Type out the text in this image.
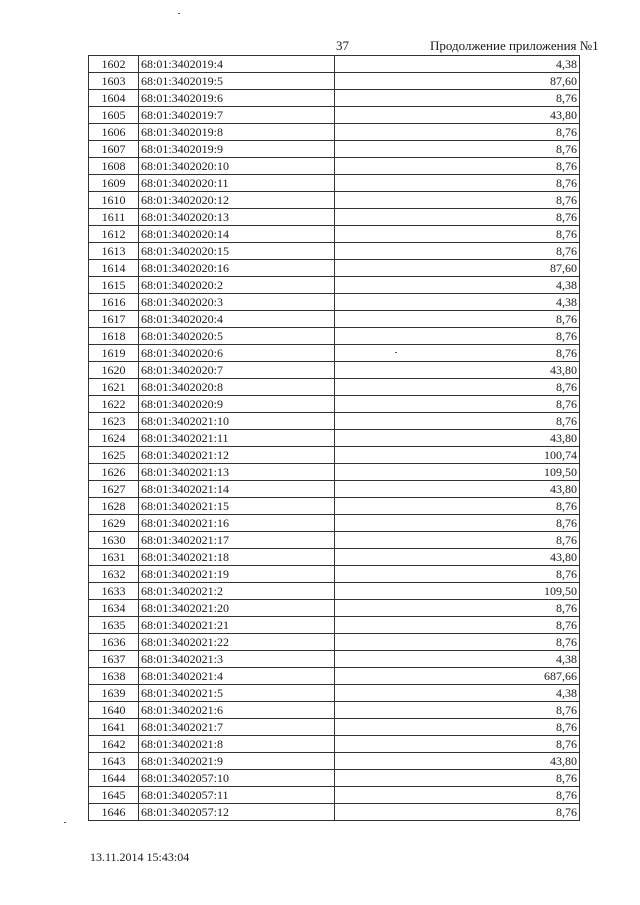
37	Продолжение приложения №1
1602	68:01:3402019:4	4,38
1603	68:01:3402019:5	87,60
1604	68:01:3402019:6	8,76
1605	68:01:3402019:7	43,80
1606	68:01:3402019:8	8,76
1607	68:01:3402019:9	8,76
1608	68:01:3402020:10	8,76
1609	68:01:3402020:11	8,76
1610	68:01:3402020:12	8,76
1611	68:01:3402020:13	8,76
1612	68:01:3402020:14	8,76
1613	68:01:3402020:15	8,76
1614	68:01:3402020:16	87,60
1615	68:01:3402020:2	4,38
1616	68:01:3402020:3	4,38
1617	68:01:3402020:4	8,76
1618	68:01:3402020:5	8,76
1619	68:01:3402020:6	8,76
1620	68:01:3402020:7	43,80
1621	68:01:3402020:8	8,76
1622	68:01:3402020:9	8,76
1623	68:01:3402021:10	8,76
1624	68:01:3402021:11	43,80
1625	68:01:3402021:12	100,74
1626	68:01:3402021:13	109,50
1627	68:01:3402021:14	43,80
1628	68:01:3402021:15	8,76
1629	68:01:3402021:16	8,76
1630	68:01:3402021:17	8,76
1631	68:01:3402021:18	43,80
1632	68:01:3402021:19	8,76
1633	68:01:3402021:2	109,50
1634	68:01:3402021:20	8,76
1635	68:01:3402021:21	8,76
1636	68:01:3402021:22	8,76
1637	68:01:3402021:3	4,38
1638	68:01:3402021:4	687,66
1639	68:01:3402021:5	4,38
1640	68:01:3402021:6	8,76
1641	68:01:3402021:7	8,76
1642	68:01:3402021:8	8,76
1643	68:01:3402021:9	43,80
1644	68:01:3402057:10	8,76
1645	68:01:3402057:11	8,76
1646	68:01:3402057:12	8,76
13.11.2014 15:43:04
